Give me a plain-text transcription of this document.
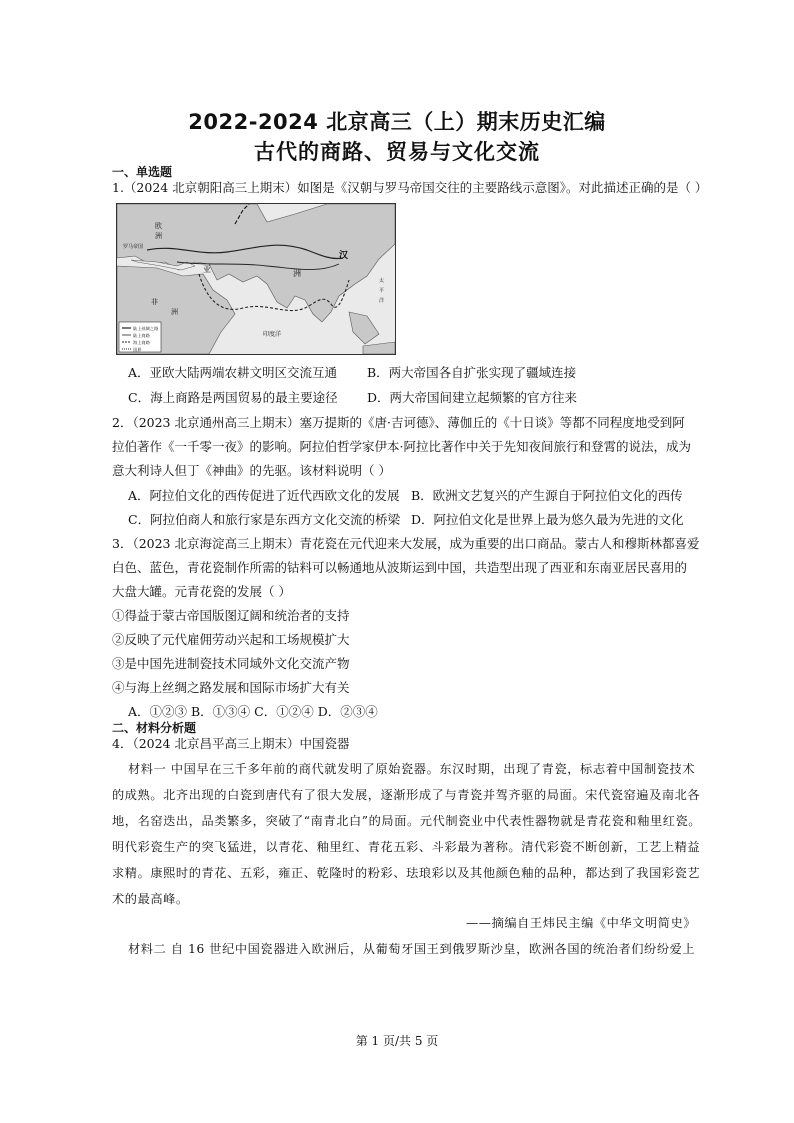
2022-2024 北京高三（上）期末历史汇编
古代的商路、贸易与文化交流
一、单选题
1.（2024 北京朝阳高三上期末）如图是《汉朝与罗马帝国交往的主要路线示意图》。对此描述正确的是（ ）
陆上丝绸之路
陆上商路
海上商路
国界
欧
洲
罗马帝国
亚	洲
非
洲
汉
印度洋
太
平
洋
A．亚欧大陆两端农耕文明区交流互通 B．两大帝国各自扩张实现了疆域连接
C．海上商路是两国贸易的最主要途径 D．两大帝国间建立起频繁的官方往来
2．（2023 北京通州高三上期末）塞万提斯的《唐·吉诃德》、薄伽丘的《十日谈》等都不同程度地受到阿
拉伯著作《一千零一夜》的影响。阿拉伯哲学家伊本·阿拉比著作中关于先知夜间旅行和登霄的说法，成为
意大利诗人但丁《神曲》的先驱。该材料说明（ ）
A．阿拉伯文化的西传促进了近代西欧文化的发展 B．欧洲文艺复兴的产生源自于阿拉伯文化的西传
C．阿拉伯商人和旅行家是东西方文化交流的桥梁 D．阿拉伯文化是世界上最为悠久最为先进的文化
3．（2023 北京海淀高三上期末）青花瓷在元代迎来大发展，成为重要的出口商品。蒙古人和穆斯林都喜爱
白色、蓝色，青花瓷制作所需的钴料可以畅通地从波斯运到中国，共造型出现了西亚和东南亚居民喜用的
大盘大罐。元青花瓷的发展（ ）
①得益于蒙古帝国版图辽阔和统治者的支持
②反映了元代雇佣劳动兴起和工场规模扩大
③是中国先进制瓷技术同域外文化交流产物
④与海上丝绸之路发展和国际市场扩大有关
A．①②③ B．①③④ C．①②④ D．②③④
二、材料分析题
4．（2024 北京昌平高三上期末）中国瓷器
材料一 中国早在三千多年前的商代就发明了原始瓷器。东汉时期，出现了青瓷，标志着中国制瓷技术
的成熟。北齐出现的白瓷到唐代有了很大发展，逐渐形成了与青瓷并驾齐驱的局面。宋代瓷窑遍及南北各
地，名窑迭出，品类繁多，突破了“南青北白”的局面。元代制瓷业中代表性器物就是青花瓷和釉里红瓷。
明代彩瓷生产的突飞猛进，以青花、釉里红、青花五彩、斗彩最为著称。清代彩瓷不断创新，工艺上精益
求精。康熙时的青花、五彩，雍正、乾隆时的粉彩、珐琅彩以及其他颜色釉的品种，都达到了我国彩瓷艺
术的最高峰。
——摘编自王炜民主编《中华文明简史》
材料二 自 16 世纪中国瓷器进入欧洲后，从葡萄牙国王到俄罗斯沙皇，欧洲各国的统治者们纷纷爱上
第 1 页/共 5 页
